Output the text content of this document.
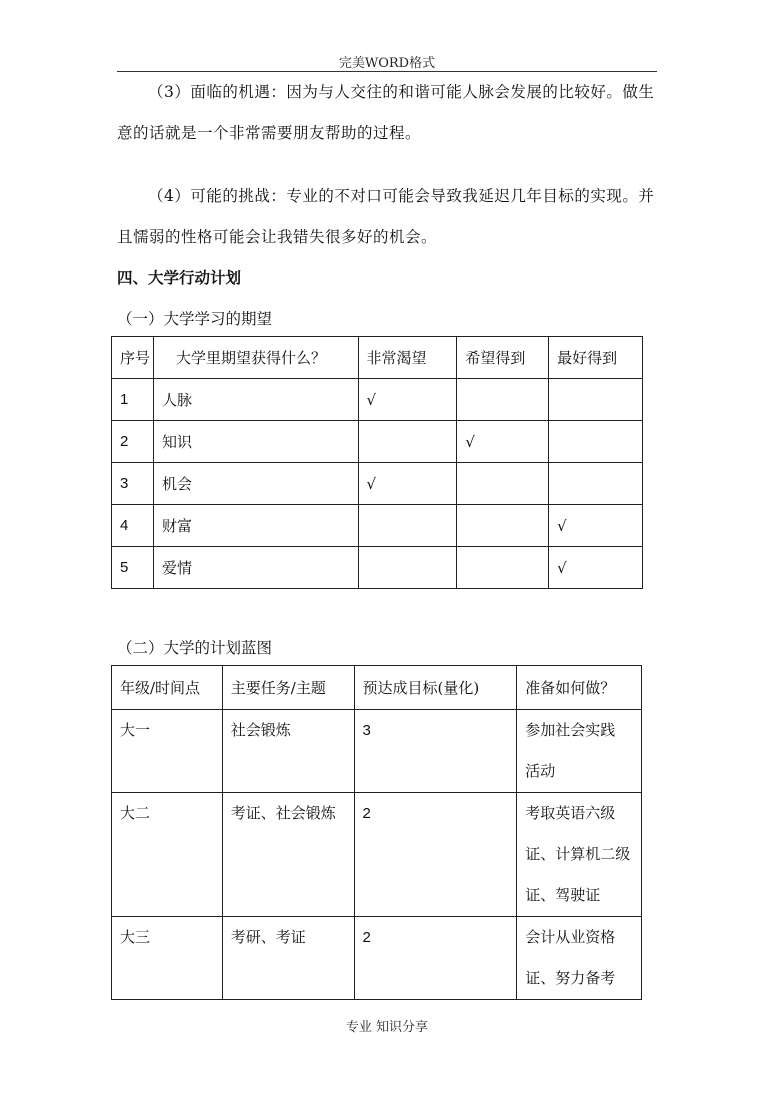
完美WORD格式

（3）面临的机遇：因为与人交往的和谐可能人脉会发展的比较好。做生意的话就是一个非常需要朋友帮助的过程。

（4）可能的挑战：专业的不对口可能会导致我延迟几年目标的实现。并且懦弱的性格可能会让我错失很多好的机会。

四、大学行动计划
（一）大学学习的期望
序号	大学里期望获得什么？	非常渴望	希望得到	最好得到
1	人脉	√		
2	知识		√	
3	机会	√		
4	财富			√
5	爱情			√
（二）大学的计划蓝图
年级/时间点	主要任务/主题	预达成目标(量化)	准备如何做？
大一	社会锻炼	3	参加社会实践
活动

大二	考证、社会锻炼	2	考取英语六级
证、计算机二级
证、驾驶证

大三	考研、考证	2	会计从业资格
证、努力备考
专业 知识分享
